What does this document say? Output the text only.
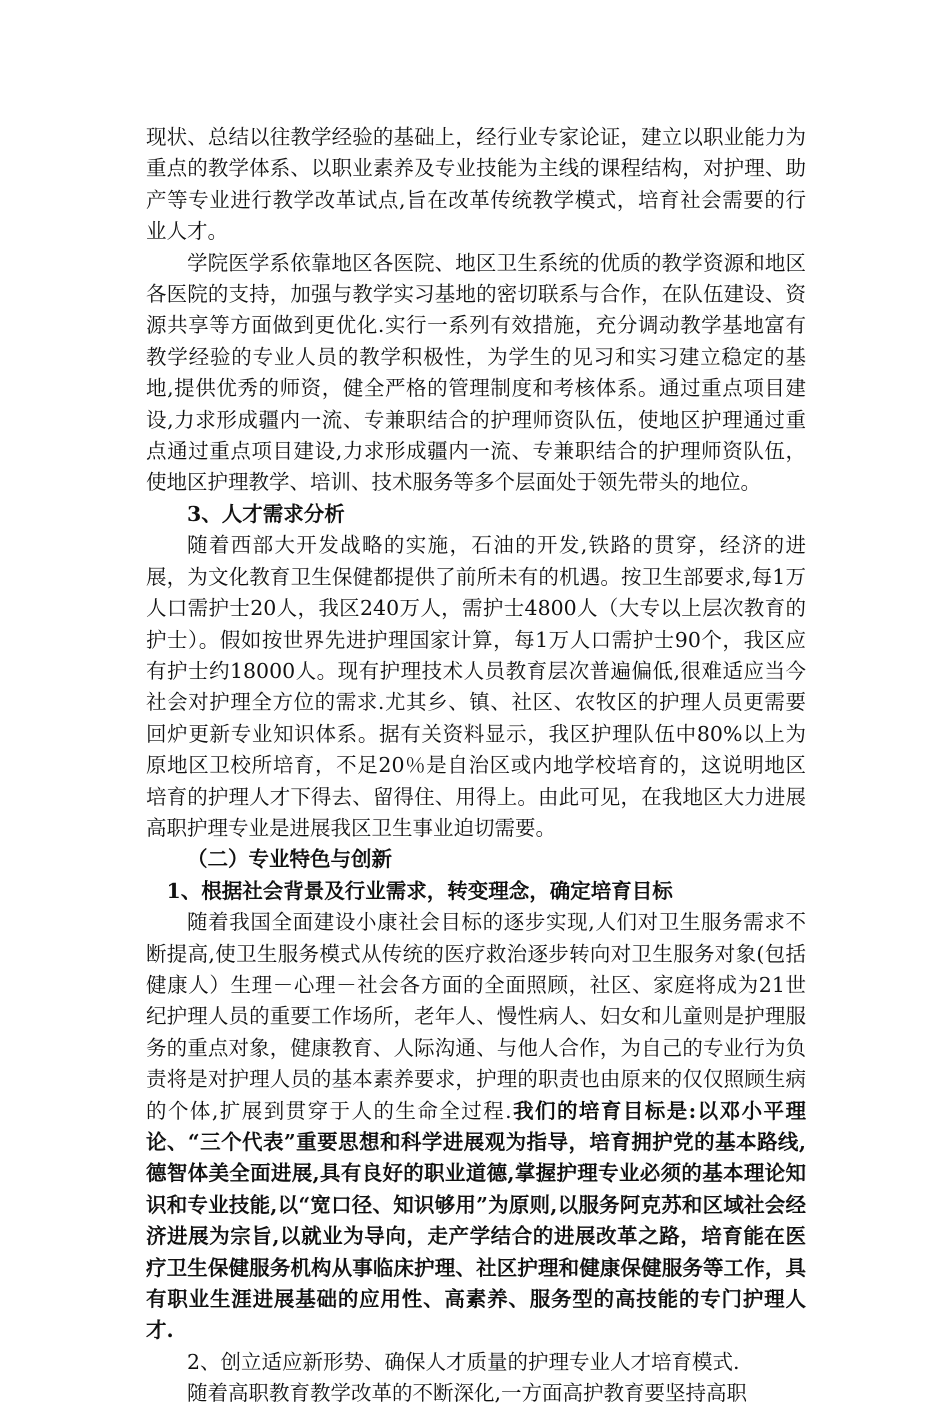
现状、总结以往教学经验的基础上，经行业专家论证，建立以职业能力为重点的教学体系、以职业素养及专业技能为主线的课程结构，对护理、助产等专业进行教学改革试点,旨在改革传统教学模式，培育社会需要的行业人才。

学院医学系依靠地区各医院、地区卫生系统的优质的教学资源和地区各医院的支持，加强与教学实习基地的密切联系与合作，在队伍建设、资源共享等方面做到更优化.实行一系列有效措施，充分调动教学基地富有教学经验的专业人员的教学积极性，为学生的见习和实习建立稳定的基地,提供优秀的师资，健全严格的管理制度和考核体系。通过重点项目建设,力求形成疆内一流、专兼职结合的护理师资队伍，使地区护理通过重点通过重点项目建设,力求形成疆内一流、专兼职结合的护理师资队伍，使地区护理教学、培训、技术服务等多个层面处于领先带头的地位。

3、人才需求分析

随着西部大开发战略的实施，石油的开发,铁路的贯穿，经济的进展，为文化教育卫生保健都提供了前所未有的机遇。按卫生部要求,每1万人口需护士20人，我区240万人，需护士4800人（大专以上层次教育的护士）。假如按世界先进护理国家计算，每1万人口需护士90个，我区应有护士约18000人。现有护理技术人员教育层次普遍偏低,很难适应当今社会对护理全方位的需求.尤其乡、镇、社区、农牧区的护理人员更需要回炉更新专业知识体系。据有关资料显示，我区护理队伍中80%以上为原地区卫校所培育，不足20％是自治区或内地学校培育的，这说明地区培育的护理人才下得去、留得住、用得上。由此可见，在我地区大力进展高职护理专业是进展我区卫生事业迫切需要。

（二）专业特色与创新

1、根据社会背景及行业需求，转变理念，确定培育目标

随着我国全面建设小康社会目标的逐步实现,人们对卫生服务需求不断提高,使卫生服务模式从传统的医疗救治逐步转向对卫生服务对象(包括健康人）生理－心理－社会各方面的全面照顾，社区、家庭将成为21世纪护理人员的重要工作场所，老年人、慢性病人、妇女和儿童则是护理服务的重点对象，健康教育、人际沟通、与他人合作，为自己的专业行为负责将是对护理人员的基本素养要求，护理的职责也由原来的仅仅照顾生病的个体,扩展到贯穿于人的生命全过程.我们的培育目标是:以邓小平理论、“三个代表”重要思想和科学进展观为指导，培育拥护党的基本路线,德智体美全面进展,具有良好的职业道德,掌握护理专业必须的基本理论知识和专业技能,以“宽口径、知识够用”为原则,以服务阿克苏和区域社会经济进展为宗旨,以就业为导向，走产学结合的进展改革之路，培育能在医疗卫生保健服务机构从事临床护理、社区护理和健康保健服务等工作，具有职业生涯进展基础的应用性、高素养、服务型的高技能的专门护理人才.

2、创立适应新形势、确保人才质量的护理专业人才培育模式.

随着高职教育教学改革的不断深化,一方面高护教育要坚持高职
